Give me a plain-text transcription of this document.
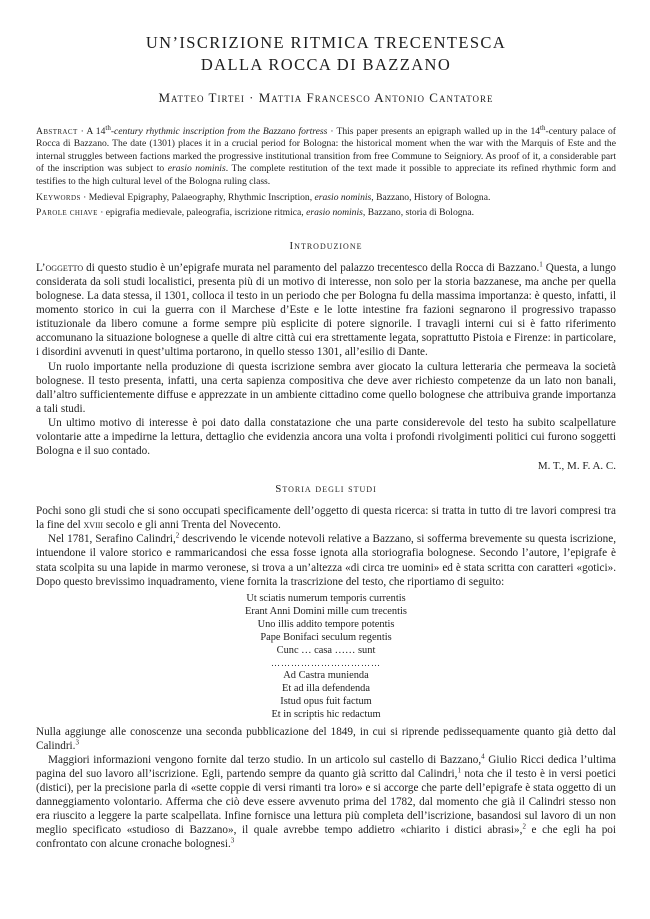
UN’ISCRIZIONE RITMICA TRECENTESCA
DALLA ROCCA DI BAZZANO
Matteo Tirtei · Mattia Francesco Antonio Cantatore
Abstract · A 14th-century rhythmic inscription from the Bazzano fortress · This paper presents an epigraph walled up in the 14th-century palace of Rocca di Bazzano. The date (1301) places it in a crucial period for Bologna: the historical moment when the war with the Marquis of Este and the internal struggles between factions marked the progressive institutional transition from free Commune to Seigniory. As proof of it, a considerable part of the inscription was subject to erasio nominis. The complete restitution of the text made it possible to appreciate its refined rhythmic form and testifies to the high cultural level of the Bologna ruling class.
Keywords · Medieval Epigraphy, Palaeography, Rhythmic Inscription, erasio nominis, Bazzano, History of Bologna.
Parole chiave · epigrafia medievale, paleografia, iscrizione ritmica, erasio nominis, Bazzano, storia di Bologna.
Introduzione

L’oggetto di questo studio è un’epigrafe murata nel paramento del palazzo trecentesco della Rocca di Bazzano.$^1$ Questa, a lungo considerata da soli studi localistici, presenta più di un motivo di interesse, non solo per la storia bazzanese, ma anche per quella bolognese. La data stessa, il 1301, colloca il testo in un periodo che per Bologna fu della massima importanza: è questo, infatti, il momento storico in cui la guerra con il Marchese d’Este e le lotte intestine fra fazioni segnarono il progressivo trapasso istituzionale da libero comune a forme sempre più esplicite di potere signorile. I travagli interni cui si è fatto riferimento accomunano la situazione bolognese a quelle di altre città cui era strettamente legata, soprattutto Pistoia e Firenze: in particolare, i disordini avvenuti in quest’ultima portarono, in quello stesso 1301, all’esilio di Dante.

Un ruolo importante nella produzione di questa iscrizione sembra aver giocato la cultura letteraria che permeava la società bolognese. Il testo presenta, infatti, una certa sapienza compositiva che deve aver richiesto competenze da un lato non banali, dall’altro sufficientemente diffuse e apprezzate in un ambiente cittadino come quello bolognese che attribuiva grande importanza a tali studi.

Un ultimo motivo di interesse è poi dato dalla constatazione che una parte considerevole del testo ha subito scalpellature volontarie atte a impedirne la lettura, dettaglio che evidenzia ancora una volta i profondi rivolgimenti politici cui furono soggetti Bologna e il suo contado.

M. T., M. F. A. C.
Storia degli studi

Pochi sono gli studi che si sono occupati specificamente dell’oggetto di questa ricerca: si tratta in tutto di tre lavori compresi tra la fine del xviii secolo e gli anni Trenta del Novecento.

Nel 1781, Serafino Calindri,$^2$ descrivendo le vicende notevoli relative a Bazzano, si sofferma brevemente su questa iscrizione, intuendone il valore storico e rammaricandosi che essa fosse ignota alla storiografia bolognese. Secondo l’autore, l’epigrafe è stata scolpita su una lapide in marmo veronese, si trova a un’altezza «di circa tre uomini» ed è stata scritta con caratteri «gotici». Dopo questo brevissimo inquadramento, viene fornita la trascrizione del testo, che riportiamo di seguito:

Ut sciatis numerum temporis currentis
Erant Anni Domini mille cum trecentis
Uno illis addito tempore potentis
Pape Bonifaci seculum regentis
Cunc … casa …… sunt
……………………………
Ad Castra munienda
Et ad illa defendenda
Istud opus fuit factum
Et in scriptis hic redactum

Nulla aggiunge alle conoscenze una seconda pubblicazione del 1849, in cui si riprende pedissequamente quanto già detto dal Calindri.$^3$

Maggiori informazioni vengono fornite dal terzo studio. In un articolo sul castello di Bazzano,$^4$ Giulio Ricci dedica l’ultima pagina del suo lavoro all’iscrizione. Egli, partendo sempre da quanto già scritto dal Calindri,$^1$ nota che il testo è in versi poetici (distici), per la precisione parla di «sette coppie di versi rimanti tra loro» e si accorge che parte dell’epigrafe è stata oggetto di un danneggiamento volontario. Afferma che ciò deve essere avvenuto prima del 1782, dal momento che già il Calindri stesso non era riuscito a leggere la parte scalpellata. Infine fornisce una lettura più completa dell’iscrizione, basandosi sul lavoro di un non meglio specificato «studioso di Bazzano», il quale avrebbe tempo addietro «chiarito i distici abrasi»,$^2$ e che egli ha poi confrontato con alcune cronache bolognesi.$^3$
